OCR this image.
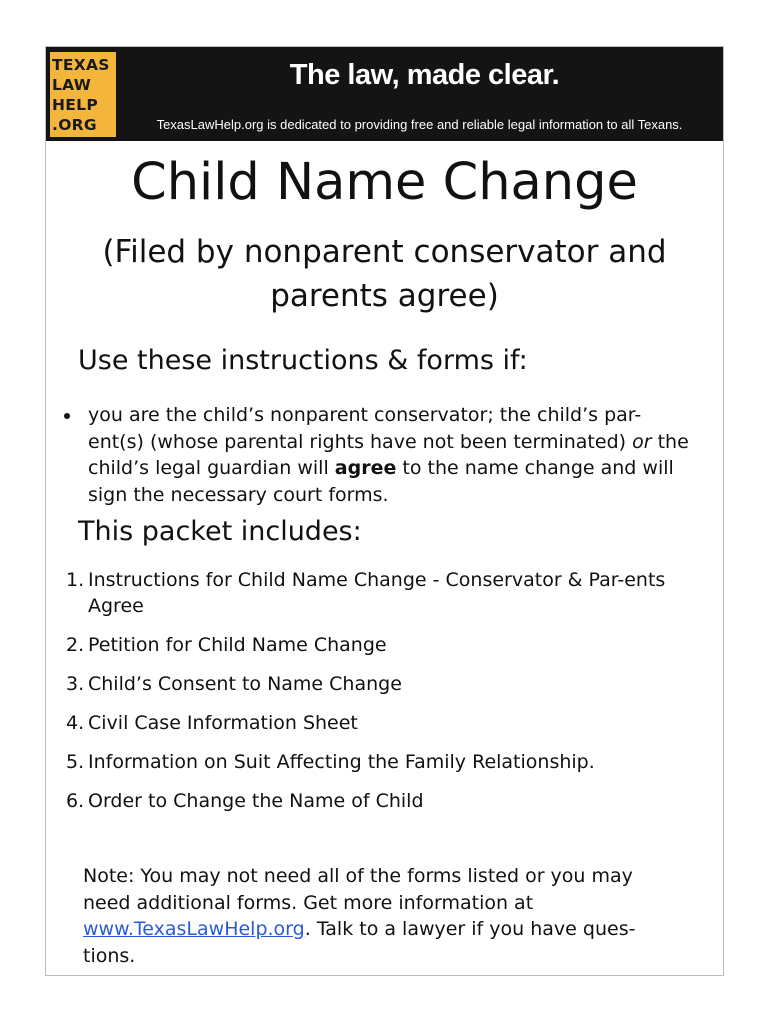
TEXAS
LAW
HELP
.ORG
The law, made clear.
TexasLawHelp.org is dedicated to providing free and reliable legal information to all Texans.
Child Name Change
(Filed by nonparent conservator and parents agree)
Use these instructions & forms if:
you are the child’s nonparent conservator; the child’s par-ent(s) (whose parental rights have not been terminated) or the child’s legal guardian will agree to the name change and will sign the necessary court forms.
This packet includes:
1. Instructions for Child Name Change - Conservator & Par-ents Agree
2. Petition for Child Name Change
3. Child’s Consent to Name Change
4. Civil Case Information Sheet
5. Information on Suit Affecting the Family Relationship.
6. Order to Change the Name of Child
Note: You may not need all of the forms listed or you may need additional forms. Get more information at www.TexasLawHelp.org. Talk to a lawyer if you have ques-tions.
